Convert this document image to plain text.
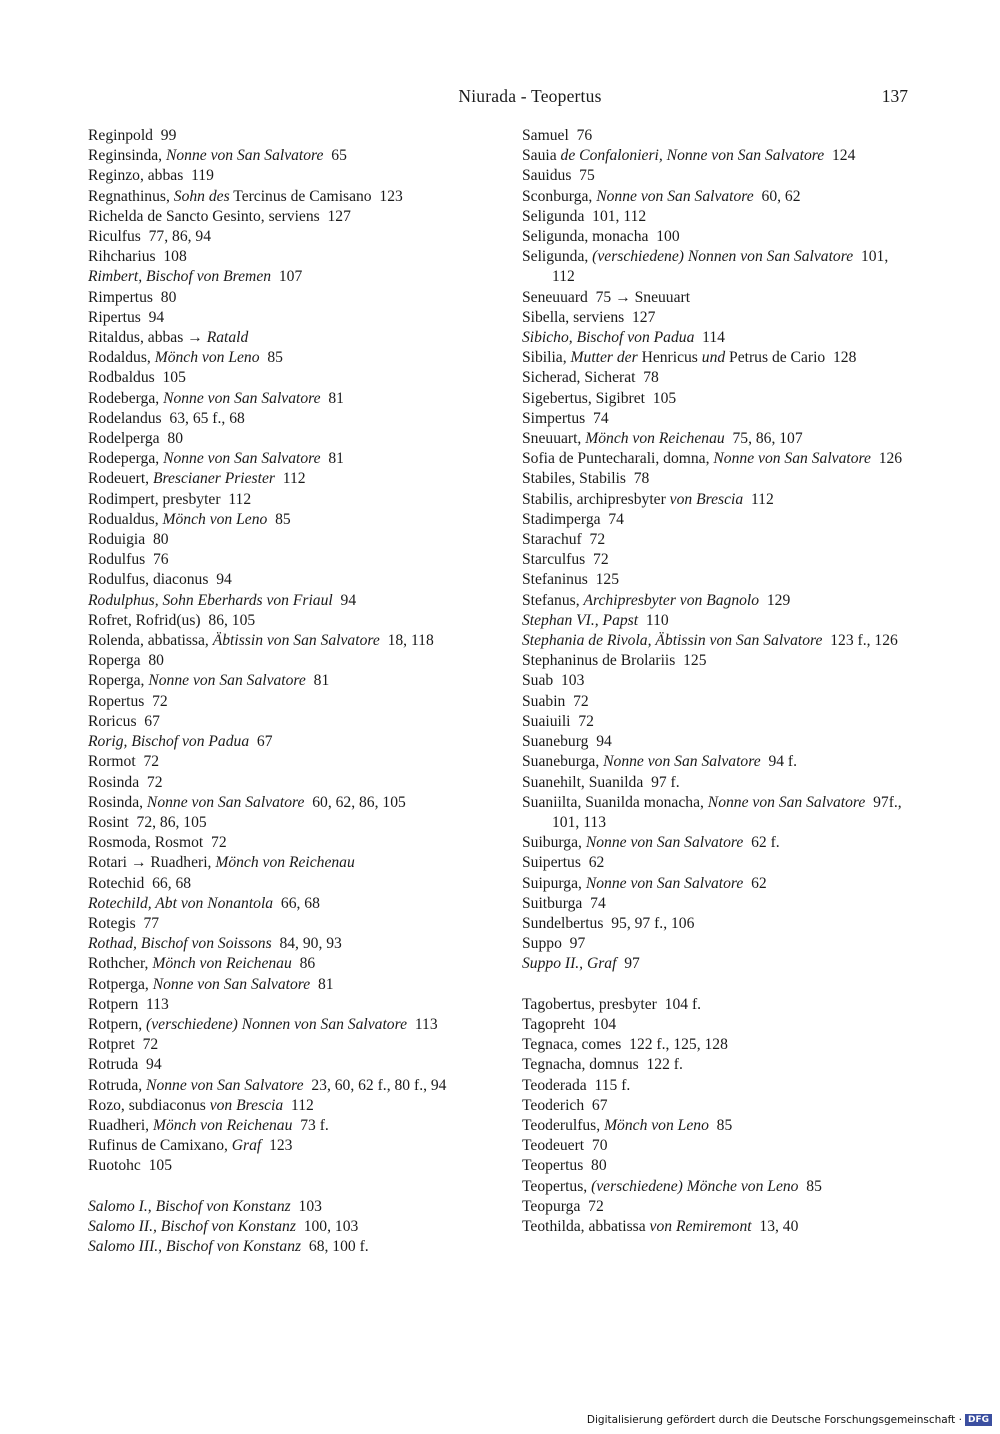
Niurada - Teopertus	137
Reginpold  99
Reginsinda, Nonne von San Salvatore  65
Reginzo, abbas  119
Regnathinus, Sohn des Tercinus de Camisano  123
Richelda de Sancto Gesinto, serviens  127
Riculfus  77, 86, 94
Rihcharius  108
Rimbert, Bischof von Bremen  107
Rimpertus  80
Ripertus  94
Ritaldus, abbas → Ratald
Rodaldus, Mönch von Leno  85
Rodbaldus  105
Rodeberga, Nonne von San Salvatore  81
Rodelandus  63, 65 f., 68
Rodelperga  80
Rodeperga, Nonne von San Salvatore  81
Rodeuert, Brescianer Priester  112
Rodimpert, presbyter  112
Rodualdus, Mönch von Leno  85
Roduigia  80
Rodulfus  76
Rodulfus, diaconus  94
Rodulphus, Sohn Eberhards von Friaul  94
Rofret, Rofrid(us)  86, 105
Rolenda, abbatissa, Äbtissin von San Salvatore  18, 118
Roperga  80
Roperga, Nonne von San Salvatore  81
Ropertus  72
Roricus  67
Rorig, Bischof von Padua  67
Rormot  72
Rosinda  72
Rosinda, Nonne von San Salvatore  60, 62, 86, 105
Rosint  72, 86, 105
Rosmoda, Rosmot  72
Rotari → Ruadheri, Mönch von Reichenau
Rotechid  66, 68
Rotechild, Abt von Nonantola  66, 68
Rotegis  77
Rothad, Bischof von Soissons  84, 90, 93
Rothcher, Mönch von Reichenau  86
Rotperga, Nonne von San Salvatore  81
Rotpern  113
Rotpern, (verschiedene) Nonnen von San Salvatore  113
Rotpret  72
Rotruda  94
Rotruda, Nonne von San Salvatore  23, 60, 62 f., 80 f., 94
Rozo, subdiaconus von Brescia  112
Ruadheri, Mönch von Reichenau  73 f.
Rufinus de Camixano, Graf  123
Ruotohc  105
Salomo I., Bischof von Konstanz  103
Salomo II., Bischof von Konstanz  100, 103
Salomo III., Bischof von Konstanz  68, 100 f.
Samuel  76
Sauia de Confalonieri, Nonne von San Salvatore  124
Sauidus  75
Sconburga, Nonne von San Salvatore  60, 62
Seligunda  101, 112
Seligunda, monacha  100
Seligunda, (verschiedene) Nonnen von San Salvatore  101, 112
Seneuuard  75 → Sneuuart
Sibella, serviens  127
Sibicho, Bischof von Padua  114
Sibilia, Mutter der Henricus und Petrus de Cario  128
Sicherad, Sicherat  78
Sigebertus, Sigibret  105
Simpertus  74
Sneuuart, Mönch von Reichenau  75, 86, 107
Sofia de Puntecharali, domna, Nonne von San Salvatore  126
Stabiles, Stabilis  78
Stabilis, archipresbyter von Brescia  112
Stadimperga  74
Starachuf  72
Starculfus  72
Stefaninus  125
Stefanus, Archipresbyter von Bagnolo  129
Stephan VI., Papst  110
Stephania de Rivola, Äbtissin von San Salvatore  123 f., 126
Stephaninus de Brolariis  125
Suab  103
Suabin  72
Suaiuili  72
Suaneburg  94
Suaneburga, Nonne von San Salvatore  94 f.
Suanehilt, Suanilda  97 f.
Suaniilta, Suanilda monacha, Nonne von San Salvatore  97f., 101, 113
Suiburga, Nonne von San Salvatore  62 f.
Suipertus  62
Suipurga, Nonne von San Salvatore  62
Suitburga  74
Sundelbertus  95, 97 f., 106
Suppo  97
Suppo II., Graf  97
Tagobertus, presbyter  104 f.
Tagopreht  104
Tegnaca, comes  122 f., 125, 128
Tegnacha, domnus  122 f.
Teoderada  115 f.
Teoderich  67
Teoderulfus, Mönch von Leno  85
Teodeuert  70
Teopertus  80
Teopertus, (verschiedene) Mönche von Leno  85
Teopurga  72
Teothilda, abbatissa von Remiremont  13, 40
Digitalisierung gefördert durch die Deutsche Forschungsgemeinschaft · DFG
